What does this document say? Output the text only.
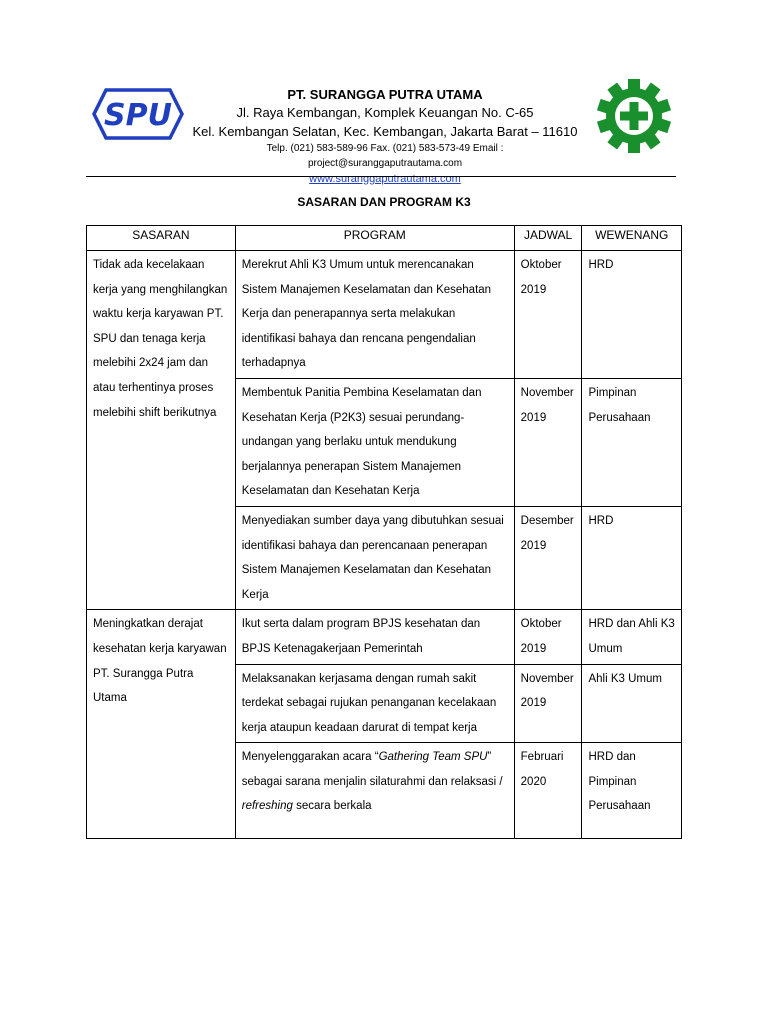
SPU
PT. SURANGGA PUTRA UTAMA
Jl. Raya Kembangan, Komplek Keuangan No. C-65
Kel. Kembangan Selatan, Kec. Kembangan, Jakarta Barat – 11610
Telp. (021) 583-589-96 Fax. (021) 583-573-49 Email : project@suranggaputrautama.com
www.suranggaputrautama.com
SASARAN DAN PROGRAM K3
SASARAN	PROGRAM	JADWAL	WEWENANG
Tidak ada kecelakaan kerja yang menghilangkan waktu kerja karyawan PT. SPU dan tenaga kerja melebihi 2x24 jam dan atau terhentinya proses melebihi shift berikutnya	Merekrut Ahli K3 Umum untuk merencanakan Sistem Manajemen Keselamatan dan Kesehatan Kerja dan penerapannya serta melakukan identifikasi bahaya dan rencana pengendalian terhadapnya	Oktober 2019	HRD
	Membentuk Panitia Pembina Keselamatan dan Kesehatan Kerja (P2K3) sesuai perundang-undangan yang berlaku untuk mendukung berjalannya penerapan Sistem Manajemen Keselamatan dan Kesehatan Kerja	November 2019	Pimpinan Perusahaan
	Menyediakan sumber daya yang dibutuhkan sesuai identifikasi bahaya dan perencanaan penerapan Sistem Manajemen Keselamatan dan Kesehatan Kerja	Desember 2019	HRD
Meningkatkan derajat kesehatan kerja karyawan PT. Surangga Putra Utama	Ikut serta dalam program BPJS kesehatan dan BPJS Ketenagakerjaan Pemerintah	Oktober 2019	HRD dan Ahli K3 Umum
	Melaksanakan kerjasama dengan rumah sakit terdekat sebagai rujukan penanganan kecelakaan kerja ataupun keadaan darurat di tempat kerja	November 2019	Ahli K3 Umum
	Menyelenggarakan acara “Gathering Team SPU” sebagai sarana menjalin silaturahmi dan relaksasi / refreshing secara berkala	Februari 2020	HRD dan Pimpinan Perusahaan
